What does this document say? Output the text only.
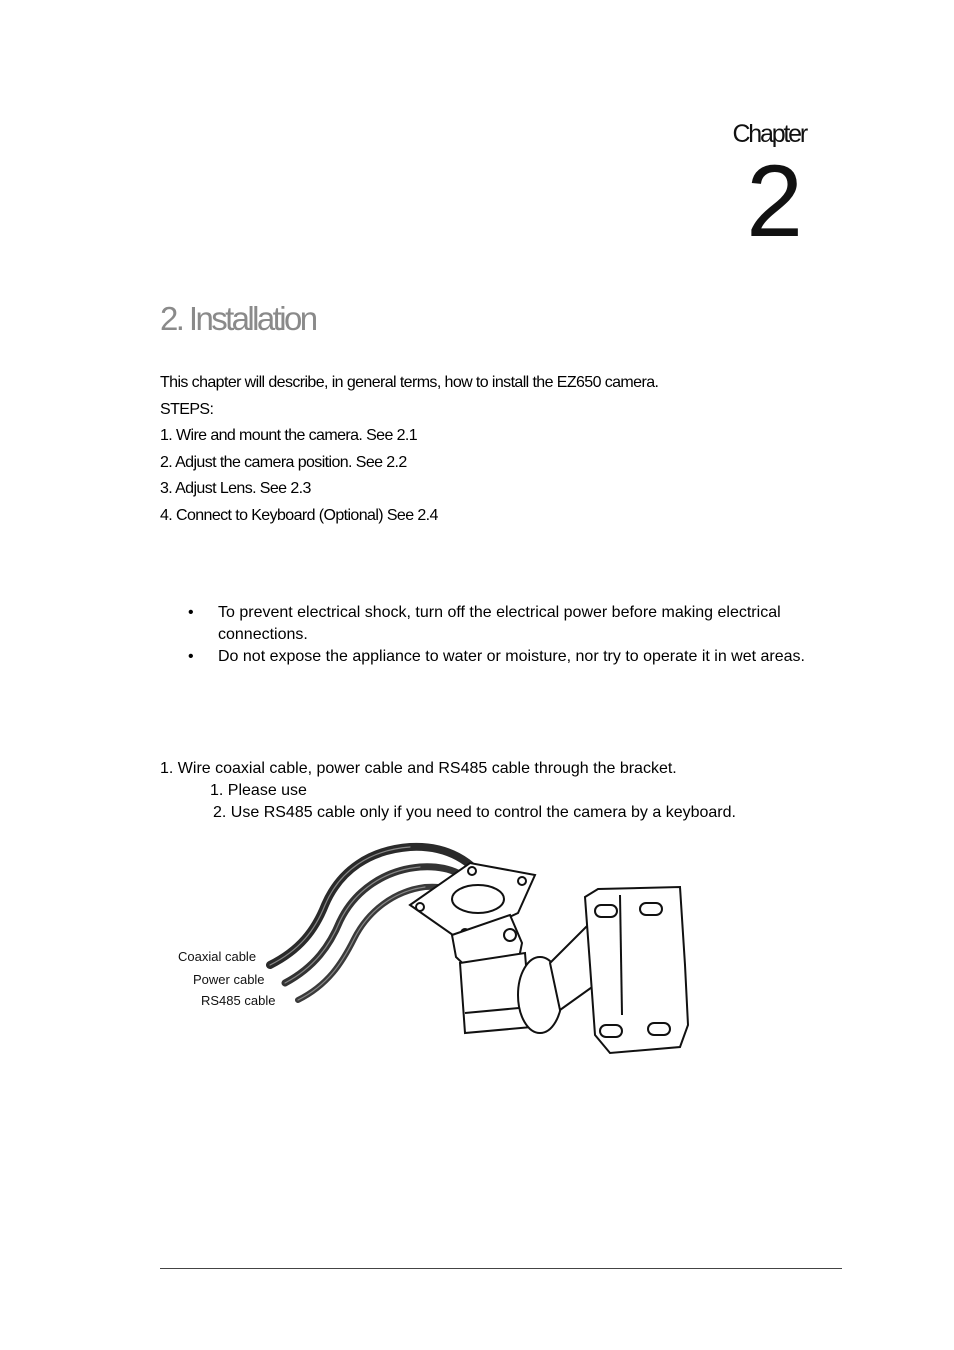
Chapter
2
2. Installation
This chapter will describe, in general terms, how to install the EZ650 camera.
STEPS:
1. Wire and mount the camera. See 2.1
2. Adjust the camera position. See 2.2
3. Adjust Lens. See 2.3
4. Connect to Keyboard (Optional) See 2.4
•	To prevent electrical shock, turn off the electrical power before making electrical connections.
•	Do not expose the appliance to water or moisture, nor try to operate it in wet areas.
1. Wire coaxial cable, power cable and RS485 cable through the bracket.
1. Please use
2. Use RS485 cable only if you need to control the camera by a keyboard.
Coaxial cable
Power cable
RS485 cable
